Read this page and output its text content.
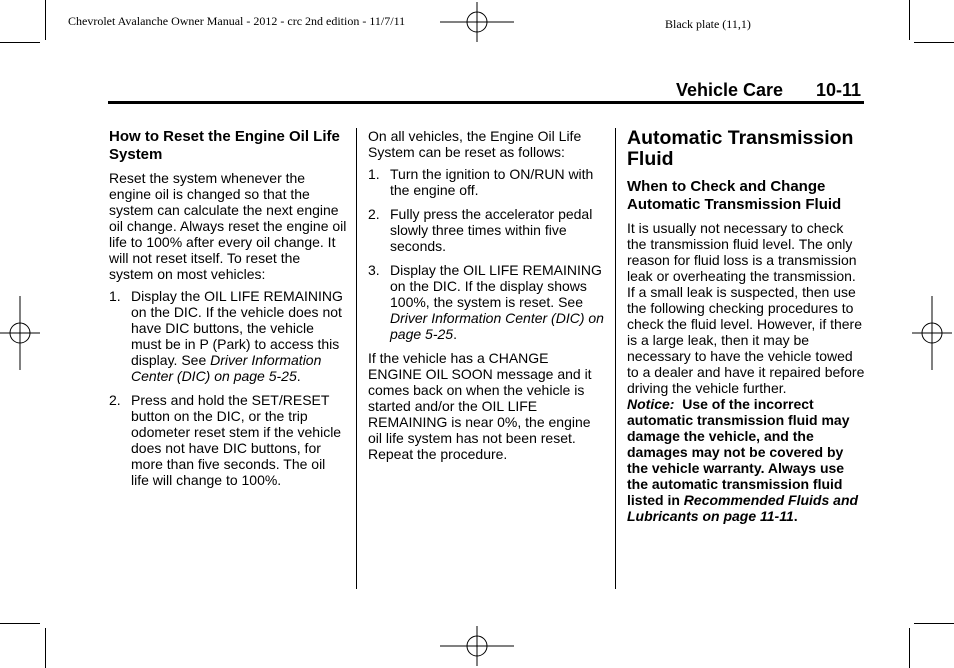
Chevrolet Avalanche Owner Manual - 2012 - crc 2nd edition - 11/7/11	Black plate (11,1)
Vehicle Care 10-11
How to Reset the Engine Oil Life System

Reset the system whenever the engine oil is changed so that the system can calculate the next engine oil change. Always reset the engine oil life to 100% after every oil change. It will not reset itself. To reset the system on most vehicles:

1. Display the OIL LIFE REMAINING on the DIC. If the vehicle does not have DIC buttons, the vehicle must be in P (Park) to access this display. See Driver Information Center (DIC) on page 5-25.
2. Press and hold the SET/RESET button on the DIC, or the trip odometer reset stem if the vehicle does not have DIC buttons, for more than five seconds. The oil life will change to 100%.

On all vehicles, the Engine Oil Life System can be reset as follows:

1. Turn the ignition to ON/RUN with the engine off.
2. Fully press the accelerator pedal slowly three times within five seconds.
3. Display the OIL LIFE REMAINING on the DIC. If the display shows 100%, the system is reset. See Driver Information Center (DIC) on page 5-25.

If the vehicle has a CHANGE ENGINE OIL SOON message and it comes back on when the vehicle is started and/or the OIL LIFE REMAINING is near 0%, the engine oil life system has not been reset. Repeat the procedure.

Automatic Transmission Fluid
When to Check and Change Automatic Transmission Fluid

It is usually not necessary to check the transmission fluid level. The only reason for fluid loss is a transmission leak or overheating the transmission. If a small leak is suspected, then use the following checking procedures to check the fluid level. However, if there is a large leak, then it may be necessary to have the vehicle towed to a dealer and have it repaired before driving the vehicle further.

Notice: Use of the incorrect automatic transmission fluid may damage the vehicle, and the damages may not be covered by the vehicle warranty. Always use the automatic transmission fluid listed in Recommended Fluids and Lubricants on page 11-11.
